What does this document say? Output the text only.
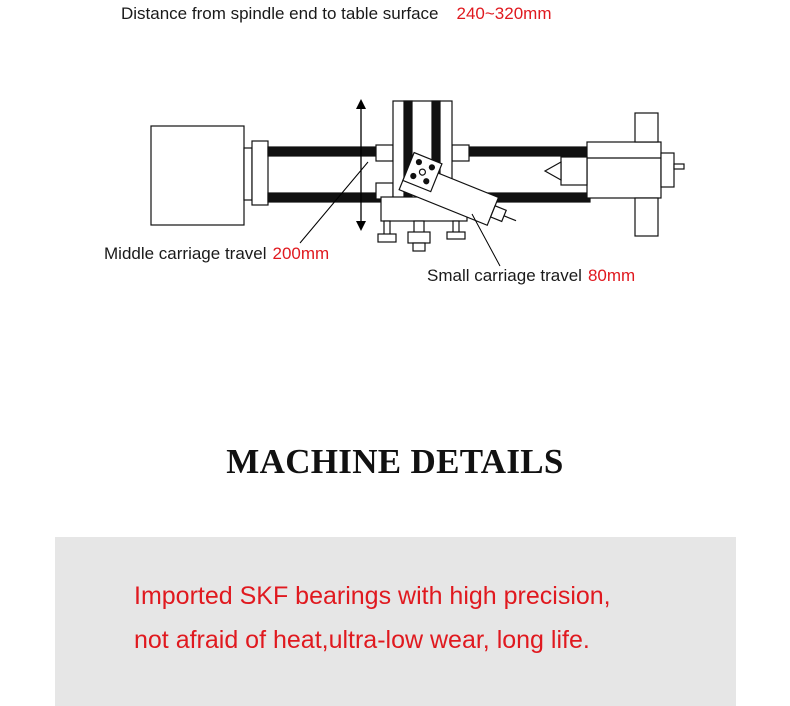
Distance from spindle end to table surface 240~320mm
Middle carriage travel 200mm
Small carriage travel 80mm
MACHINE DETAILS
Imported SKF bearings with high precision,
not afraid of heat,ultra-low wear, long life.
